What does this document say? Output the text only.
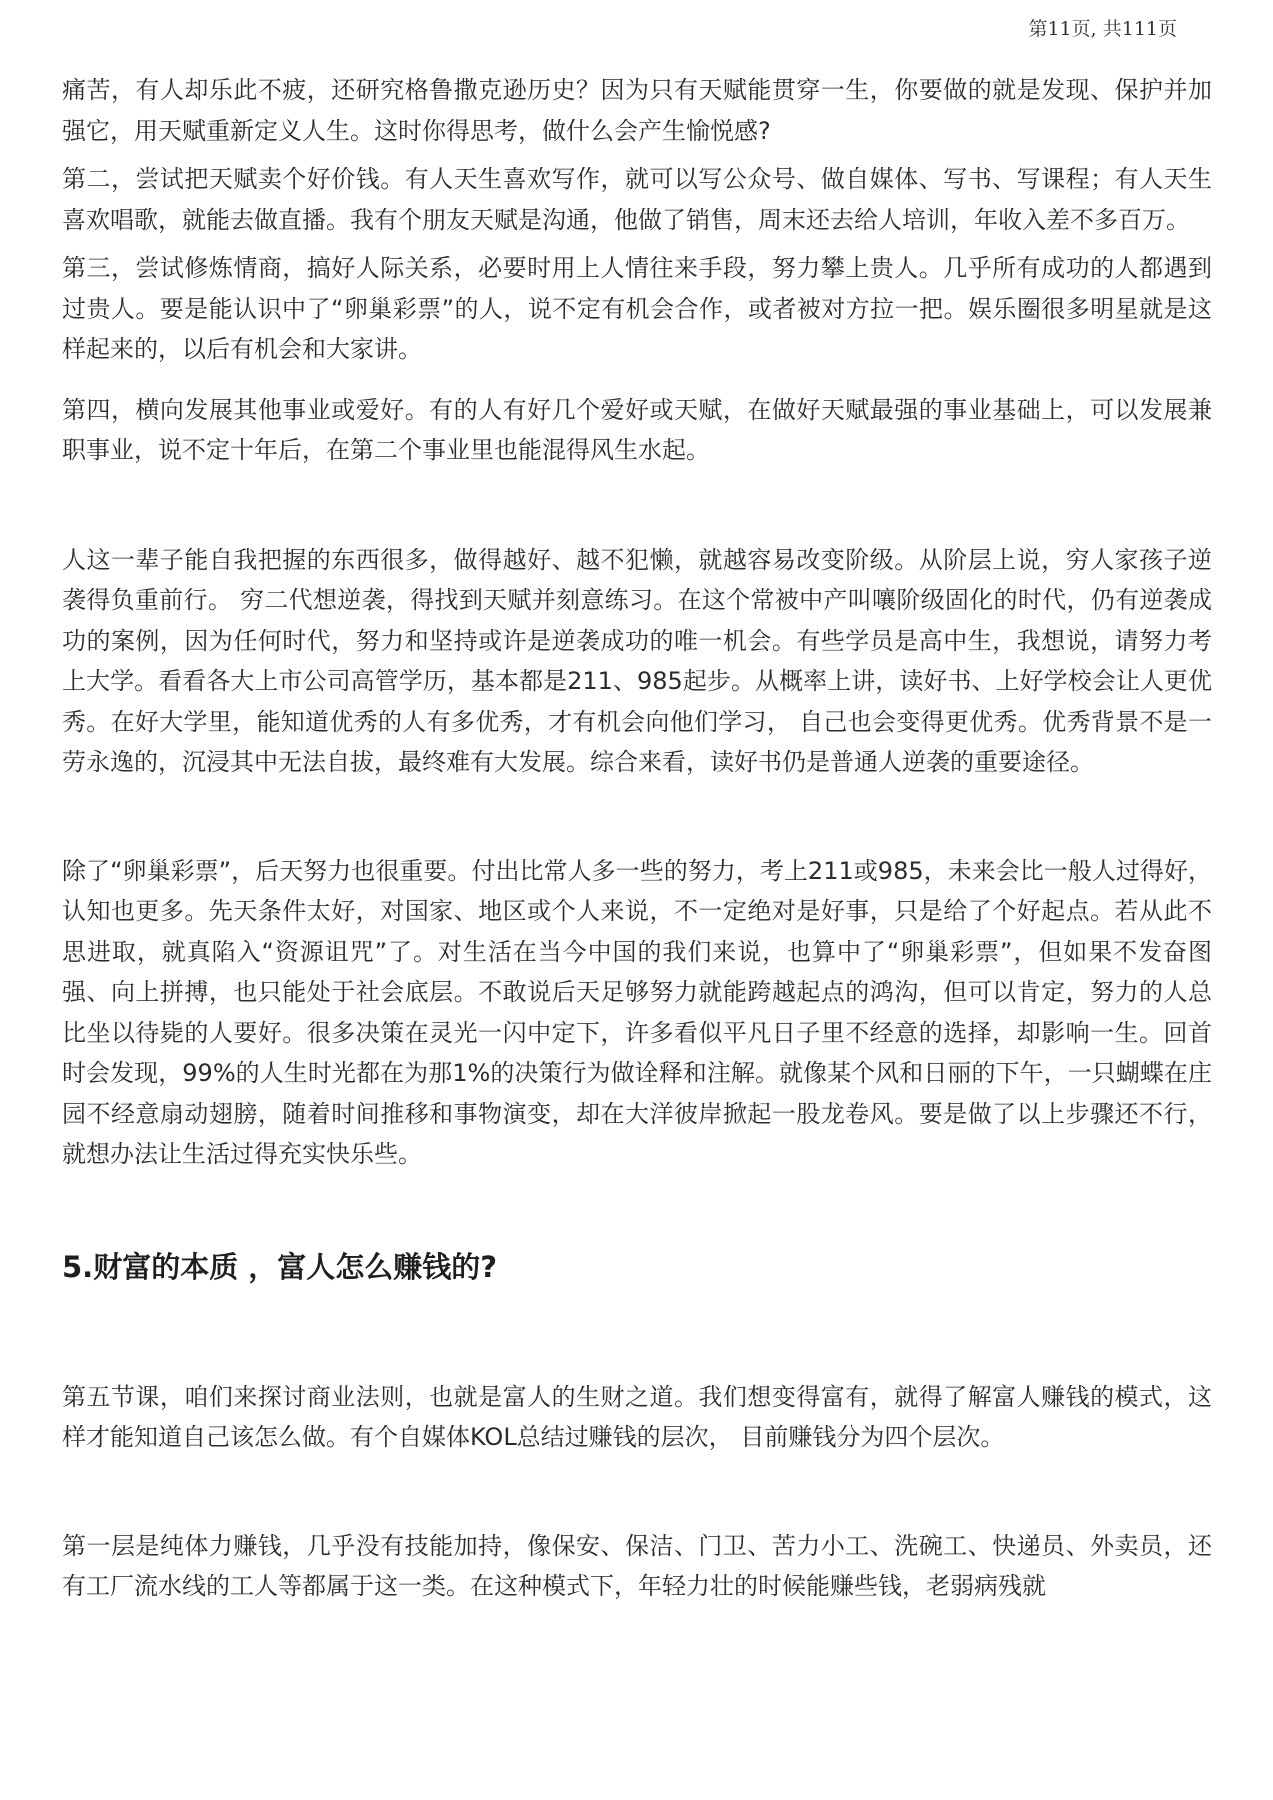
第11页, 共111页

痛苦，有人却乐此不疲，还研究格鲁撒克逊历史？因为只有天赋能贯穿一生，你要做的就是发现、保护并加强它，用天赋重新定义人生。这时你得思考，做什么会产生愉悦感?

第二，尝试把天赋卖个好价钱。有人天生喜欢写作，就可以写公众号、做自媒体、写书、写课程；有人天生喜欢唱歌，就能去做直播。我有个朋友天赋是沟通，他做了销售，周末还去给人培训，年收入差不多百万。

第三，尝试修炼情商，搞好人际关系，必要时用上人情往来手段，努力攀上贵人。几乎所有成功的人都遇到过贵人。要是能认识中了“卵巢彩票”的人，说不定有机会合作，或者被对方拉一把。娱乐圈很多明星就是这样起来的，以后有机会和大家讲。

第四，横向发展其他事业或爱好。有的人有好几个爱好或天赋，在做好天赋最强的事业基础上，可以发展兼职事业，说不定十年后，在第二个事业里也能混得风生水起。

人这一辈子能自我把握的东西很多，做得越好、越不犯懒，就越容易改变阶级。从阶层上说，穷人家孩子逆袭得负重前行。 穷二代想逆袭，得找到天赋并刻意练习。在这个常被中产叫嚷阶级固化的时代，仍有逆袭成功的案例，因为任何时代，努力和坚持或许是逆袭成功的唯一机会。有些学员是高中生，我想说，请努力考上大学。看看各大上市公司高管学历，基本都是211、985起步。从概率上讲，读好书、上好学校会让人更优秀。在好大学里，能知道优秀的人有多优秀，才有机会向他们学习， 自己也会变得更优秀。优秀背景不是一劳永逸的，沉浸其中无法自拔，最终难有大发展。综合来看，读好书仍是普通人逆袭的重要途径。

除了“卵巢彩票”，后天努力也很重要。付出比常人多一些的努力，考上211或985，未来会比一般人过得好，认知也更多。先天条件太好，对国家、地区或个人来说，不一定绝对是好事，只是给了个好起点。若从此不思进取，就真陷入“资源诅咒”了。对生活在当今中国的我们来说，也算中了“卵巢彩票”，但如果不发奋图强、向上拼搏，也只能处于社会底层。不敢说后天足够努力就能跨越起点的鸿沟，但可以肯定，努力的人总比坐以待毙的人要好。很多决策在灵光一闪中定下，许多看似平凡日子里不经意的选择，却影响一生。回首时会发现，99%的人生时光都在为那1%的决策行为做诠释和注解。就像某个风和日丽的下午，一只蝴蝶在庄园不经意扇动翅膀，随着时间推移和事物演变，却在大洋彼岸掀起一股龙卷风。要是做了以上步骤还不行，就想办法让生活过得充实快乐些。

5.财富的本质 ，富人怎么赚钱的?

第五节课，咱们来探讨商业法则，也就是富人的生财之道。我们想变得富有，就得了解富人赚钱的模式，这样才能知道自己该怎么做。有个自媒体KOL总结过赚钱的层次， 目前赚钱分为四个层次。

第一层是纯体力赚钱，几乎没有技能加持，像保安、保洁、门卫、苦力小工、洗碗工、快递员、外卖员，还有工厂流水线的工人等都属于这一类。在这种模式下，年轻力壮的时候能赚些钱，老弱病残就
